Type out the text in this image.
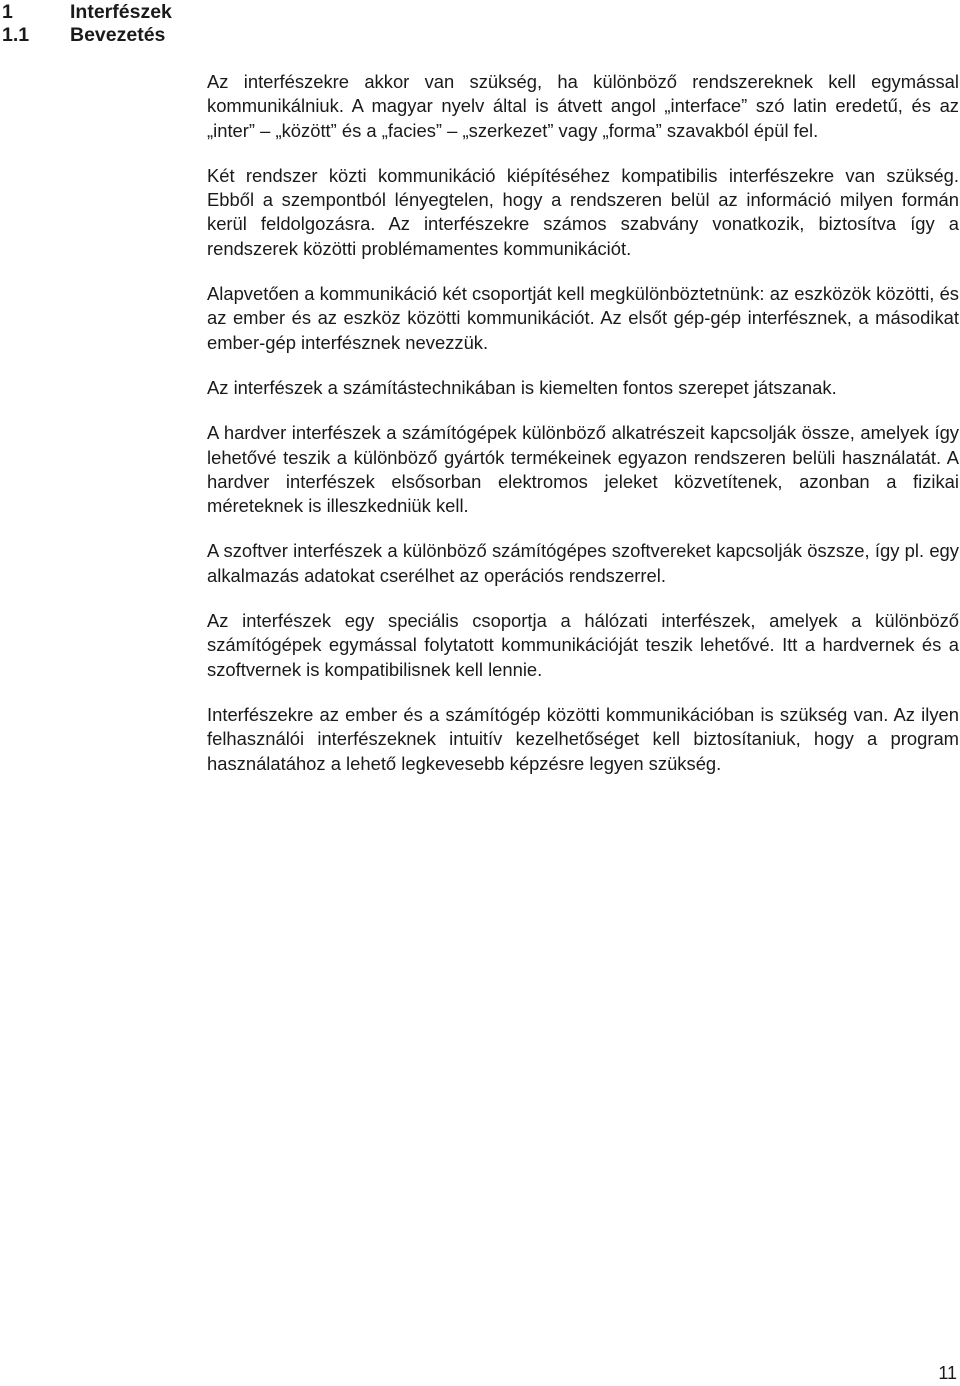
1	Interfészek
1.1	Bevezetés

Az interfészekre akkor van szükség, ha különböző rendszereknek kell egymással kommunikálniuk. A magyar nyelv által is átvett angol „interface” szó latin eredetű, és az „inter” – „között” és a „facies” – „szerkezet” vagy „forma” szavakból épül fel.

Két rendszer közti kommunikáció kiépítéséhez kompatibilis interfészekre van szükség. Ebből a szempontból lényegtelen, hogy a rendszeren belül az információ milyen formán kerül feldolgozásra. Az interfészekre számos szabvány vonatkozik, biztosítva így a rendszerek közötti problémamentes kommunikációt.

Alapvetően a kommunikáció két csoportját kell megkülönböztetnünk: az eszközök közötti, és az ember és az eszköz közötti kommunikációt. Az elsőt gép-gép interfésznek, a másodikat ember-gép interfésznek nevezzük.

Az interfészek a számítástechnikában is kiemelten fontos szerepet játszanak.

A hardver interfészek a számítógépek különböző alkatrészeit kapcsolják össze, amelyek így lehetővé teszik a különböző gyártók termékeinek egyazon rendszeren belüli használatát. A hardver interfészek elsősorban elektromos jeleket közvetítenek, azonban a fizikai méreteknek is illeszkedniük kell.

A szoftver interfészek a különböző számítógépes szoftvereket kapcsolják öszsze, így pl. egy alkalmazás adatokat cserélhet az operációs rendszerrel.

Az interfészek egy speciális csoportja a hálózati interfészek, amelyek a különböző számítógépek egymással folytatott kommunikációját teszik lehetővé. Itt a hardvernek és a szoftvernek is kompatibilisnek kell lennie.

Interfészekre az ember és a számítógép közötti kommunikációban is szükség van. Az ilyen felhasználói interfészeknek intuitív kezelhetőséget kell biztosítaniuk, hogy a program használatához a lehető legkevesebb képzésre legyen szükség.

11
